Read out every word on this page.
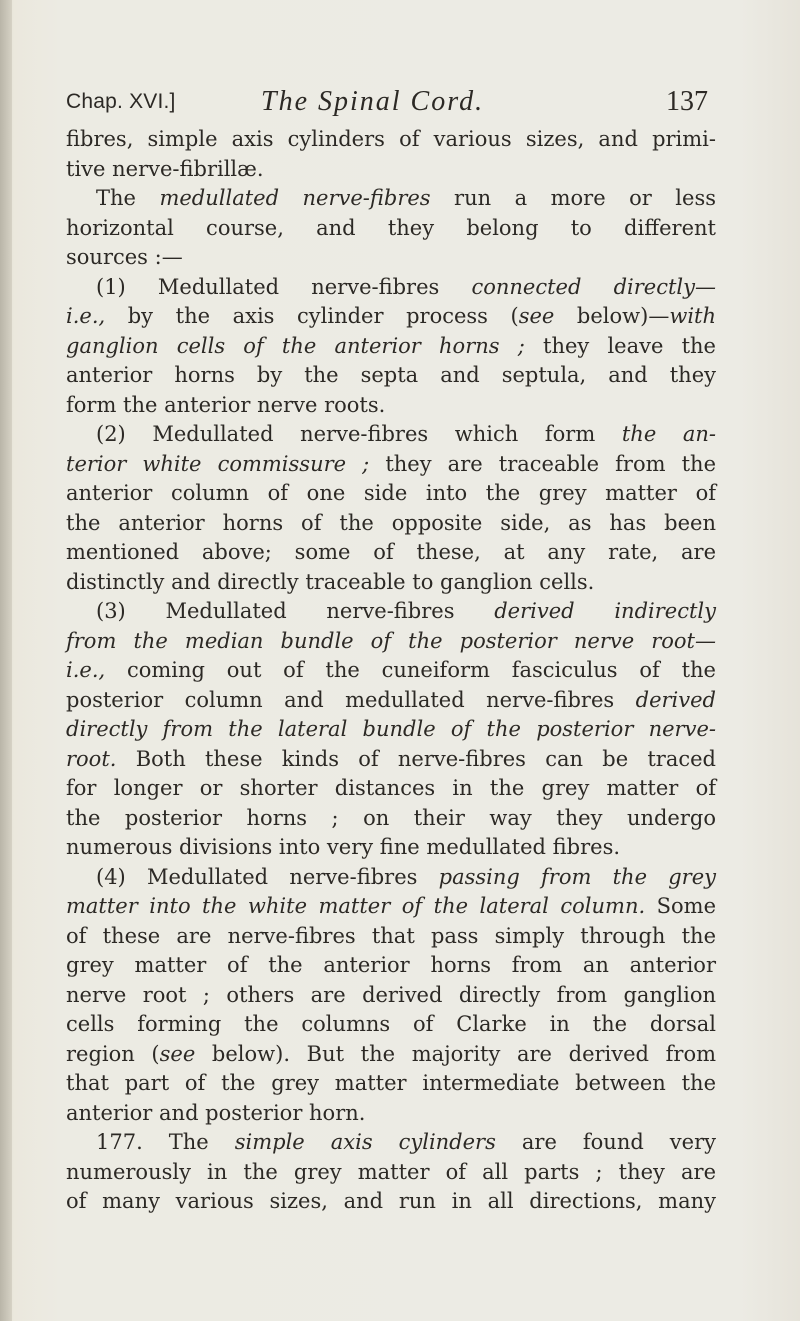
Chap. XVI.]	The Spinal Cord.	137
fibres, simple axis cylinders of various sizes, and primi-
tive nerve-fibrillæ.
The medullated nerve-fibres run a more or less
horizontal course, and they belong to different
sources :—
(1) Medullated nerve-fibres connected directly—
i.e., by the axis cylinder process (see below)—with
ganglion cells of the anterior horns ; they leave the
anterior horns by the septa and septula, and they
form the anterior nerve roots.
(2) Medullated nerve-fibres which form the an-
terior white commissure ; they are traceable from the
anterior column of one side into the grey matter of
the anterior horns of the opposite side, as has been
mentioned above; some of these, at any rate, are
distinctly and directly traceable to ganglion cells.
(3) Medullated nerve-fibres derived indirectly
from the median bundle of the posterior nerve root—
i.e., coming out of the cuneiform fasciculus of the
posterior column and medullated nerve-fibres derived
directly from the lateral bundle of the posterior nerve-
root. Both these kinds of nerve-fibres can be traced
for longer or shorter distances in the grey matter of
the posterior horns ; on their way they undergo
numerous divisions into very fine medullated fibres.
(4) Medullated nerve-fibres passing from the grey
matter into the white matter of the lateral column. Some
of these are nerve-fibres that pass simply through the
grey matter of the anterior horns from an anterior
nerve root ; others are derived directly from ganglion
cells forming the columns of Clarke in the dorsal
region (see below). But the majority are derived from
that part of the grey matter intermediate between the
anterior and posterior horn.
177. The simple axis cylinders are found very
numerously in the grey matter of all parts ; they are
of many various sizes, and run in all directions, many
